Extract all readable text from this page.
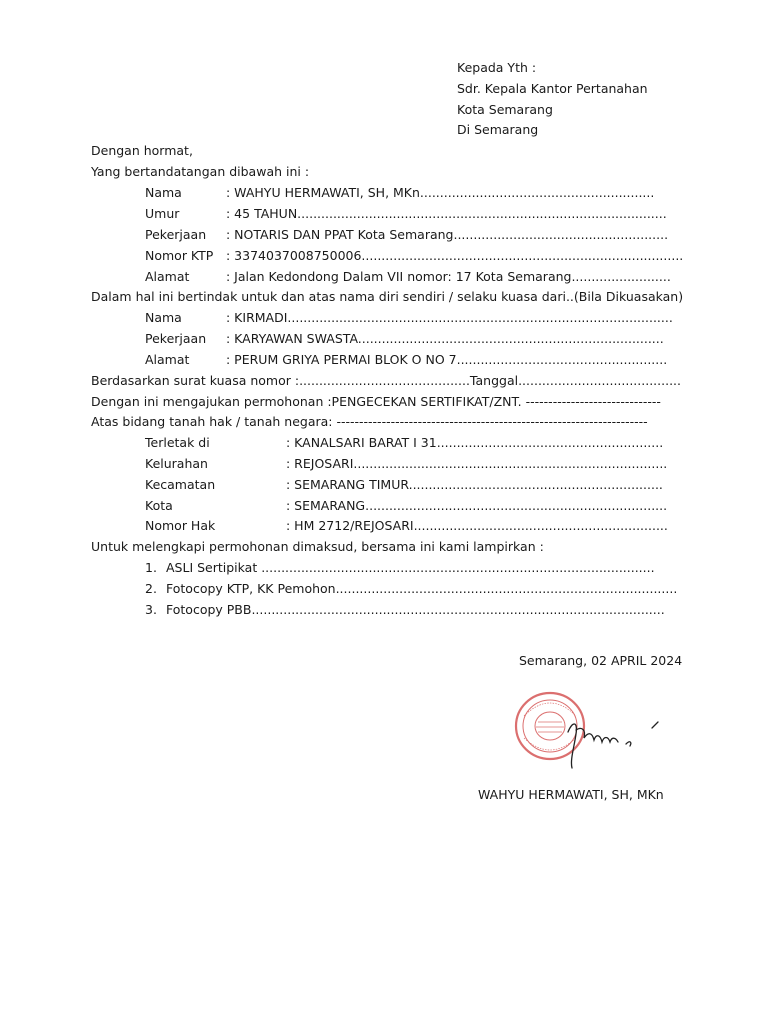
Kepada Yth :
Sdr. Kepala Kantor Pertanahan
Kota Semarang
Di Semarang
Dengan hormat,
Yang bertandatangan dibawah ini :
Nama	: WAHYU HERMAWATI, SH, MKn...........................................................
Umur	: 45 TAHUN.............................................................................................
Pekerjaan : NOTARIS DAN PPAT Kota Semarang......................................................
Nomor KTP : 3374037008750006.................................................................................
Alamat	: Jalan Kedondong Dalam VII nomor: 17 Kota Semarang.........................
Dalam hal ini bertindak untuk dan atas nama diri sendiri / selaku kuasa dari..(Bila Dikuasakan)
Nama	: KIRMADI.................................................................................................
Pekerjaan : KARYAWAN SWASTA.............................................................................
Alamat	: PERUM GRIYA PERMAI BLOK O NO 7.....................................................
Berdasarkan surat kuasa nomor :...........................................Tanggal.........................................
Dengan ini mengajukan permohonan :PENGECEKAN SERTIFIKAT/ZNT. ------------------------------
Atas bidang tanah hak / tanah negara: ---------------------------------------------------------------------
Terletak di	: KANALSARI BARAT I 31.........................................................
Kelurahan	: REJOSARI...............................................................................
Kecamatan	: SEMARANG TIMUR................................................................
Kota	: SEMARANG............................................................................
Nomor Hak	: HM 2712/REJOSARI................................................................
Untuk melengkapi permohonan dimaksud, bersama ini kami lampirkan :
1. ASLI Sertipikat ...................................................................................................
2. Fotocopy KTP, KK Pemohon......................................................................................
3. Fotocopy PBB........................................................................................................
Semarang, 02 APRIL 2024
WAHYU HERMAWATI, SH, MKn
